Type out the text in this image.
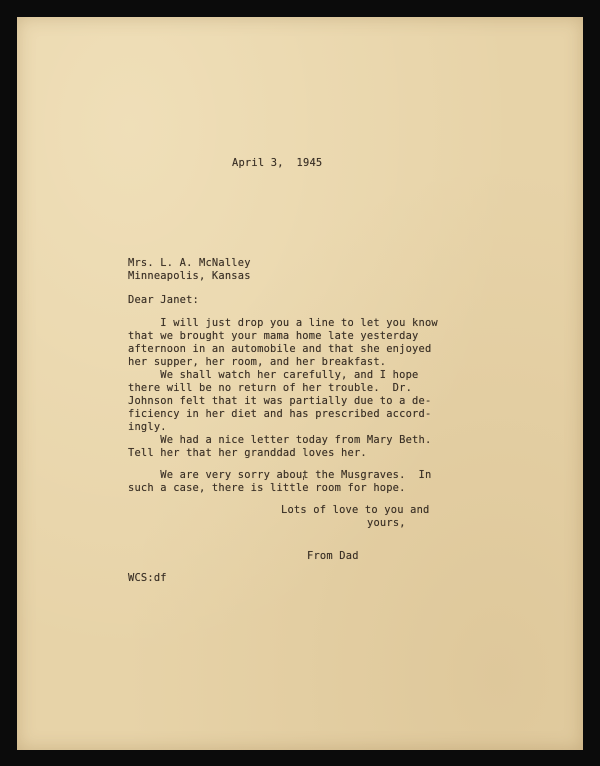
April 3,  1945
Mrs. L. A. McNalley
Minneapolis, Kansas
Dear Janet:
I will just drop you a line to let you know
that we brought your mama home late yesterday
afternoon in an automobile and that she enjoyed
her supper, her room, and her breakfast.
We shall watch her carefully, and I hope
there will be no return of her trouble.  Dr.
Johnson felt that it was partially due to a de-
ficiency in her diet and has prescribed accord-
ingly.
We had a nice letter today from Mary Beth.
Tell her that her granddad loves her.
We are very sorry about the Musgraves.  In
such a case, there is little room for hope.
Lots of love to you and
yours,
From Dad
WCS:df
